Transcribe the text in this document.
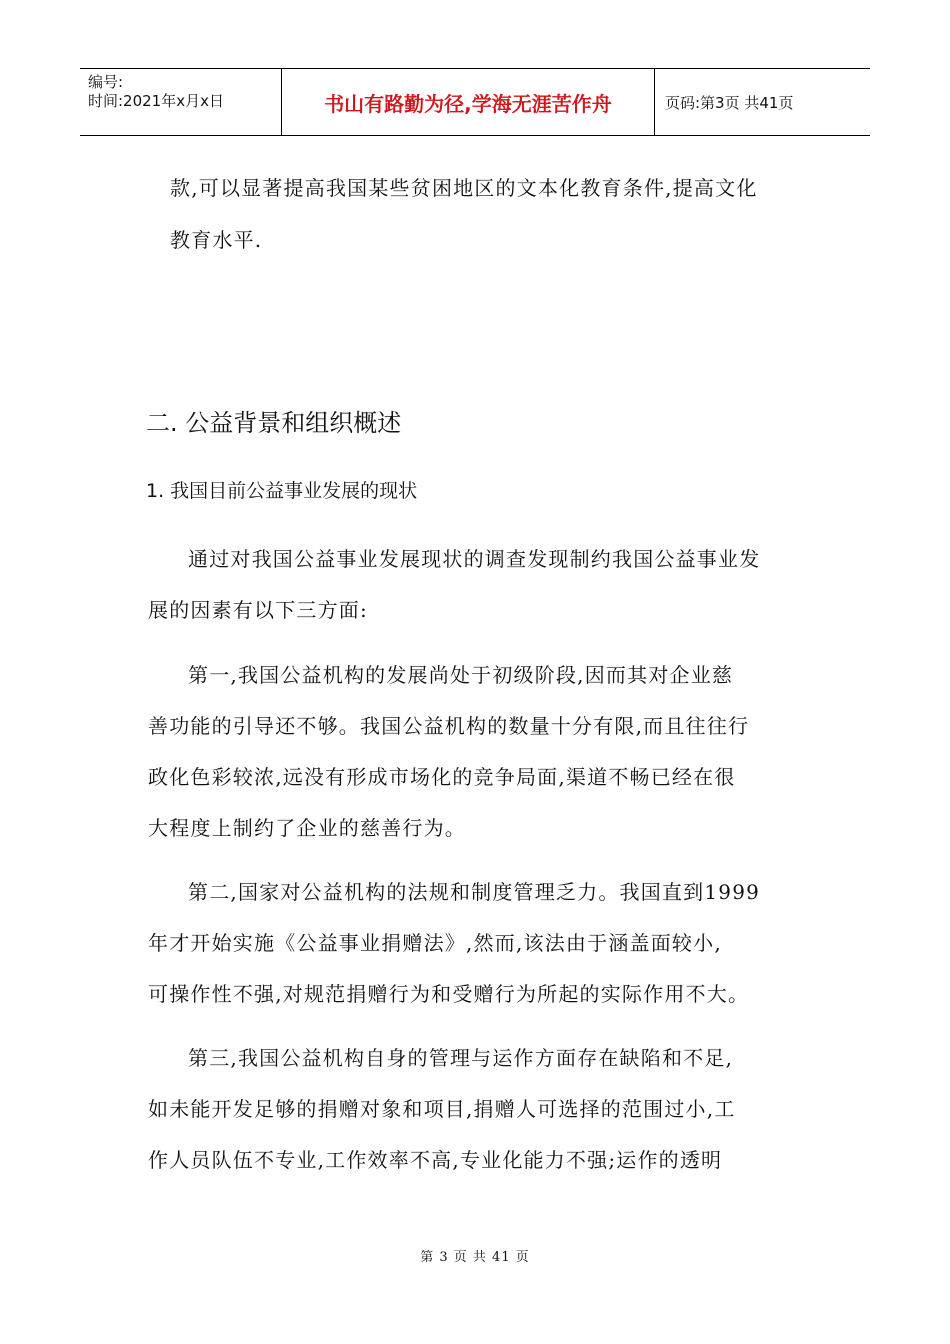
编号:
时间:2021年x月x日	书山有路勤为径,学海无涯苦作舟	页码:第3页 共41页
款,可以显著提高我国某些贫困地区的文本化教育条件,提高文化
教育水平.
二. 公益背景和组织概述
1. 我国目前公益事业发展的现状
通过对我国公益事业发展现状的调查发现制约我国公益事业发
展的因素有以下三方面:
第一,我国公益机构的发展尚处于初级阶段,因而其对企业慈
善功能的引导还不够。我国公益机构的数量十分有限,而且往往行
政化色彩较浓,远没有形成市场化的竞争局面,渠道不畅已经在很
大程度上制约了企业的慈善行为。
第二,国家对公益机构的法规和制度管理乏力。我国直到1999
年才开始实施《公益事业捐赠法》,然而,该法由于涵盖面较小,
可操作性不强,对规范捐赠行为和受赠行为所起的实际作用不大。
第三,我国公益机构自身的管理与运作方面存在缺陷和不足,
如未能开发足够的捐赠对象和项目,捐赠人可选择的范围过小,工
作人员队伍不专业,工作效率不高,专业化能力不强;运作的透明
第 3 页 共 41 页
